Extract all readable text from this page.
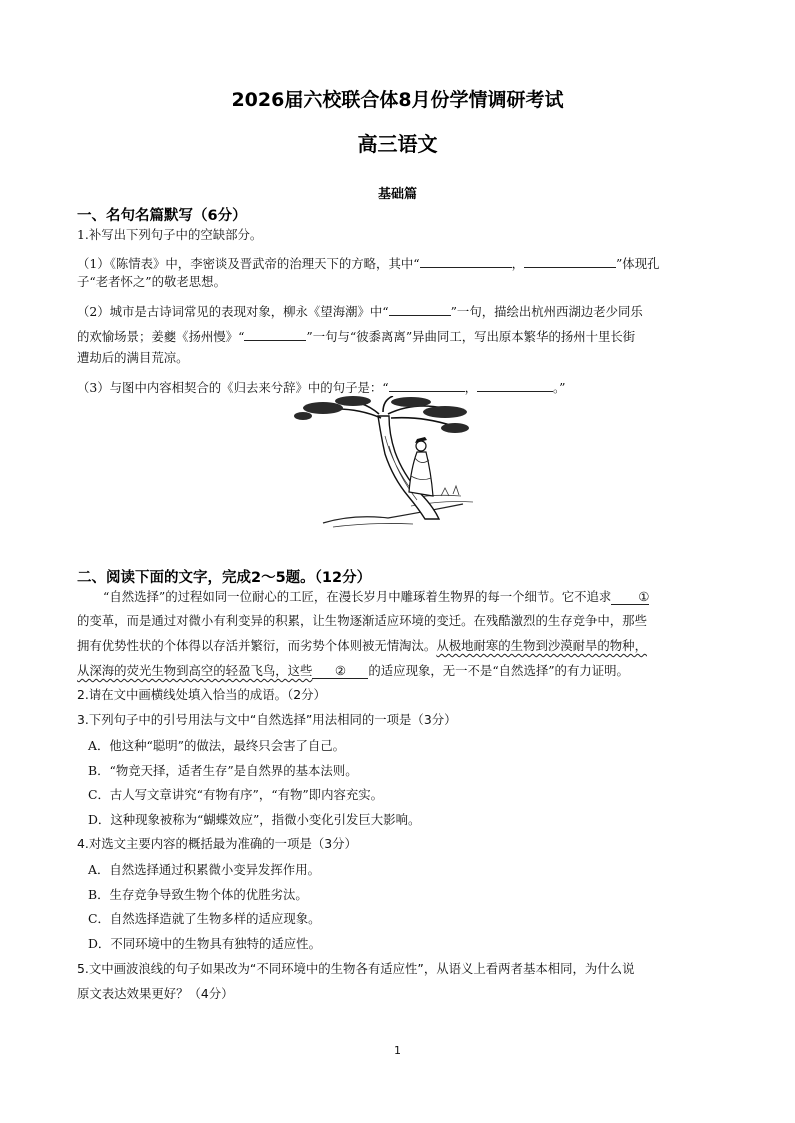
2026届六校联合体8月份学情调研考试
高三语文
基础篇
一、名句名篇默写（6分）
1.补写出下列句子中的空缺部分。
（1）《陈情表》中，李密谈及晋武帝的治理天下的方略，其中“	，	”体现孔
子“老者怀之”的敬老思想。
（2）城市是古诗词常见的表现对象，柳永《望海潮》中“	”一句，描绘出杭州西湖边老少同乐
的欢愉场景；姜夔《扬州慢》“	”一句与“彼黍离离”异曲同工，写出原本繁华的扬州十里长街
遭劫后的满目荒凉。
（3）与图中内容相契合的《归去来兮辞》中的句子是：“	，	。”
二、阅读下面的文字，完成2～5题。（12分）
“自然选择”的过程如同一位耐心的工匠，在漫长岁月中雕琢着生物界的每一个细节。它不追求 ①
的变革，而是通过对微小有利变异的积累，让生物逐渐适应环境的变迁。在残酷激烈的生存竞争中，那些
拥有优势性状的个体得以存活并繁衍，而劣势个体则被无情淘汰。从极地耐寒的生物到沙漠耐旱的物种，
从深海的荧光生物到高空的轻盈飞鸟，这些 ② 的适应现象，无一不是“自然选择”的有力证明。
2.请在文中画横线处填入恰当的成语。（2分）
3.下列句子中的引号用法与文中“自然选择”用法相同的一项是（3分）
A．他这种“聪明”的做法，最终只会害了自己。
B．“物竞天择，适者生存”是自然界的基本法则。
C．古人写文章讲究“有物有序”，“有物”即内容充实。
D．这种现象被称为“蝴蝶效应”，指微小变化引发巨大影响。
4.对选文主要内容的概括最为准确的一项是（3分）
A．自然选择通过积累微小变异发挥作用。
B．生存竞争导致生物个体的优胜劣汰。
C．自然选择造就了生物多样的适应现象。
D．不同环境中的生物具有独特的适应性。
5.文中画波浪线的句子如果改为“不同环境中的生物各有适应性”，从语义上看两者基本相同，为什么说
原文表达效果更好？（4分）
1
